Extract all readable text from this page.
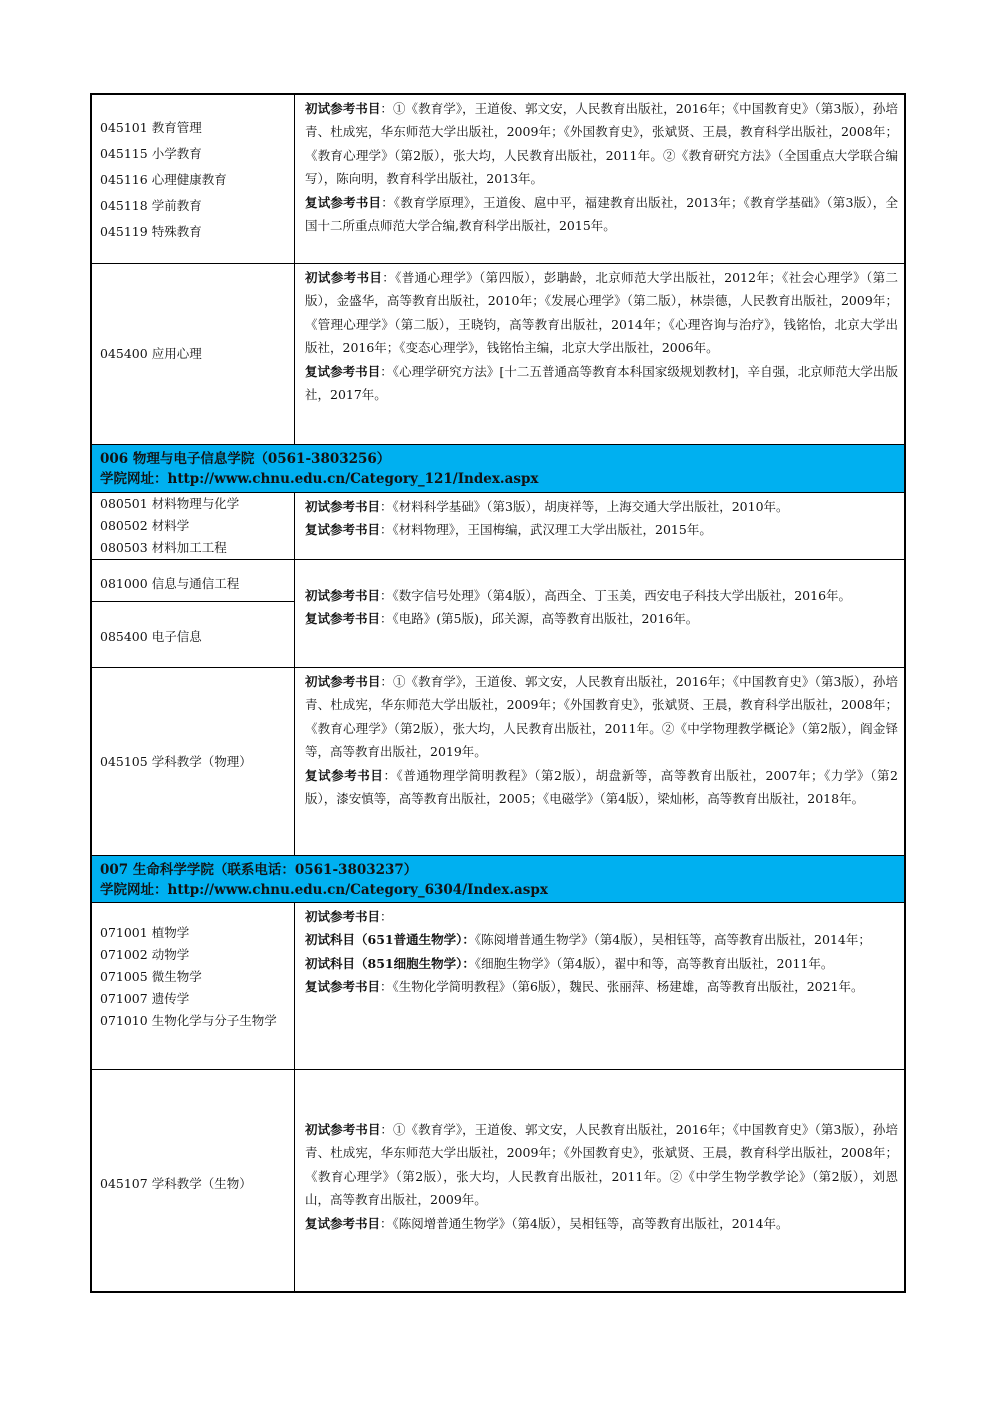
045101 教育管理
045115 小学教育
045116 心理健康教育
045118 学前教育
045119 特殊教育

初试参考书目：①《教育学》，王道俊、郭文安，人民教育出版社，2016年；《中国教育史》（第3版），孙培青、杜成宪，华东师范大学出版社，2009年；《外国教育史》，张斌贤、王晨，教育科学出版社，2008年；《教育心理学》（第2版），张大均，人民教育出版社，2011年。②《教育研究方法》（全国重点大学联合编写），陈向明，教育科学出版社，2013年。

复试参考书目：《教育学原理》，王道俊、扈中平，福建教育出版社，2013年；《教育学基础》（第3版），全国十二所重点师范大学合编,教育科学出版社，2015年。

045400 应用心理

初试参考书目：《普通心理学》（第四版），彭聃龄，北京师范大学出版社，2012年；《社会心理学》（第二版），金盛华，高等教育出版社，2010年；《发展心理学》（第二版），林崇德，人民教育出版社，2009年；《管理心理学》（第二版），王晓钧，高等教育出版社，2014年；《心理咨询与治疗》，钱铭怡，北京大学出版社，2016年；《变态心理学》，钱铭怡主编，北京大学出版社，2006年。

复试参考书目：《心理学研究方法》[十二五普通高等教育本科国家级规划教材]，辛自强，北京师范大学出版社，2017年。

006 物理与电子信息学院（0561-3803256）
学院网址：http://www.chnu.edu.cn/Category_121/Index.aspx
080501 材料物理与化学
080502 材料学
080503 材料加工工程

初试参考书目：《材料科学基础》（第3版），胡庚祥等，上海交通大学出版社，2010年。

复试参考书目：《材料物理》，王国梅编，武汉理工大学出版社，2015年。

081000 信息与通信工程
085400 电子信息

初试参考书目：《数字信号处理》（第4版），高西全、丁玉美，西安电子科技大学出版社，2016年。

复试参考书目：《电路》(第5版)，邱关源，高等教育出版社，2016年。

045105 学科教学（物理）

初试参考书目：①《教育学》，王道俊、郭文安，人民教育出版社，2016年；《中国教育史》（第3版），孙培青、杜成宪，华东师范大学出版社，2009年；《外国教育史》，张斌贤、王晨，教育科学出版社，2008年；《教育心理学》（第2版），张大均，人民教育出版社，2011年。②《中学物理教学概论》（第2版），阎金铎等，高等教育出版社，2019年。

复试参考书目：《普通物理学简明教程》（第2版），胡盘新等，高等教育出版社，2007年；《力学》（第2版），漆安慎等，高等教育出版社，2005；《电磁学》（第4版），梁灿彬，高等教育出版社，2018年。

007 生命科学学院（联系电话：0561-3803237）
学院网址：http://www.chnu.edu.cn/Category_6304/Index.aspx
071001 植物学
071002 动物学
071005 微生物学
071007 遗传学
071010 生物化学与分子生物学

初试参考书目：

初试科目（651普通生物学）：《陈阅增普通生物学》（第4版），吴相钰等，高等教育出版社，2014年；

初试科目（851细胞生物学）：《细胞生物学》（第4版），翟中和等，高等教育出版社，2011年。

复试参考书目：《生物化学简明教程》（第6版），魏民、张丽萍、杨建雄，高等教育出版社，2021年。

045107 学科教学（生物）

初试参考书目：①《教育学》，王道俊、郭文安，人民教育出版社，2016年；《中国教育史》（第3版），孙培青、杜成宪，华东师范大学出版社，2009年；《外国教育史》，张斌贤、王晨，教育科学出版社，2008年；《教育心理学》（第2版），张大均，人民教育出版社，2011年。②《中学生物学教学论》（第2版），刘恩山，高等教育出版社，2009年。

复试参考书目：《陈阅增普通生物学》（第4版），吴相钰等，高等教育出版社，2014年。
